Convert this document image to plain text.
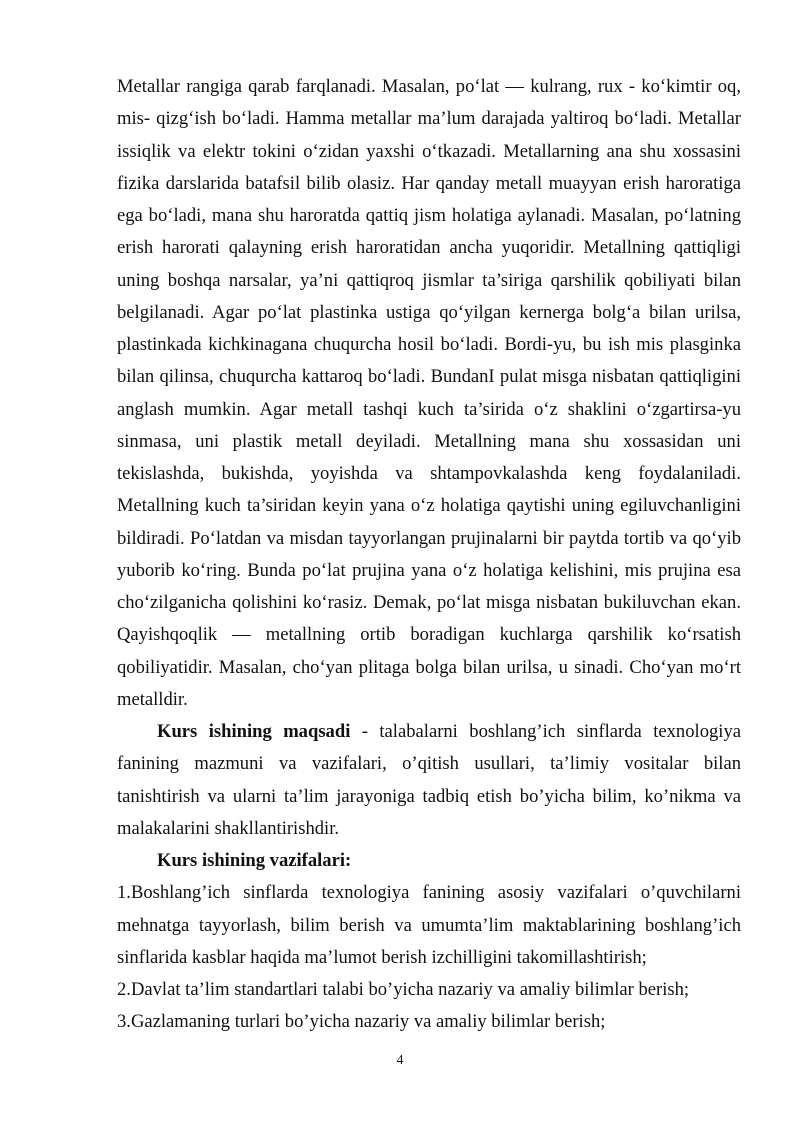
Metallar rangiga qarab farqlanadi. Masalan, po‘lat — kulrang, rux - ko‘kimtir oq, mis- qizg‘ish bo‘ladi. Hamma metallar ma’lum darajada yaltiroq bo‘ladi. Metallar issiqlik va elektr tokini o‘zidan yaxshi o‘tkazadi. Metallarning ana shu xossasini fizika darslarida batafsil bilib olasiz. Har qanday metall muayyan erish haroratiga ega bo‘ladi, mana shu haroratda qattiq jism holatiga aylanadi. Masalan, po‘latning erish harorati qalayning erish haroratidan ancha yuqoridir. Metallning qattiqligi uning boshqa narsalar, ya’ni qattiqroq jismlar ta’siriga qarshilik qobiliyati bilan belgilanadi. Agar po‘lat plastinka ustiga qo‘yilgan kernerga bolg‘a bilan urilsa, plastinkada kichkinagana chuqurcha hosil bo‘ladi. Bordi-yu, bu ish mis plasginka bilan qilinsa, chuqurcha kattaroq bo‘ladi. BundanI pulat misga nisbatan qattiqligini anglash mumkin. Agar metall tashqi kuch ta’sirida o‘z shaklini o‘zgartirsa-yu sinmasa, uni plastik metall deyiladi. Metallning mana shu xossasidan uni tekislashda, bukishda, yoyishda va shtampovkalashda keng foydalaniladi. Metallning kuch ta’siridan keyin yana o‘z holatiga qaytishi uning egiluvchanligini bildiradi. Po‘latdan va misdan tayyorlangan prujinalarni bir paytda tortib va qo‘yib yuborib ko‘ring. Bunda po‘lat prujina yana o‘z holatiga kelishini, mis prujina esa cho‘zilganicha qolishini ko‘rasiz. Demak, po‘lat misga nisbatan bukiluvchan ekan. Qayishqoqlik — metallning ortib boradigan kuchlarga qarshilik ko‘rsatish qobiliyatidir. Masalan, cho‘yan plitaga bolga bilan urilsa, u sinadi. Cho‘yan mo‘rt metalldir.

Kurs ishining maqsadi - talabalarni boshlang’ich sinflarda texnologiya fanining mazmuni va vazifalari, o’qitish usullari, ta’limiy vositalar bilan tanishtirish va ularni ta’lim jarayoniga tadbiq etish bo’yicha bilim, ko’nikma va malakalarini shakllantirishdir.

Kurs ishining vazifalari:

1.Boshlang’ich sinflarda texnologiya fanining asosiy vazifalari o’quvchilarni mehnatga tayyorlash, bilim berish va umumta’lim maktablarining boshlang’ich sinflarida kasblar haqida ma’lumot berish izchilligini takomillashtirish;

2.Davlat ta’lim standartlari talabi bo’yicha nazariy va amaliy bilimlar berish;

3.Gazlamaning turlari bo’yicha nazariy va amaliy bilimlar berish;

4
